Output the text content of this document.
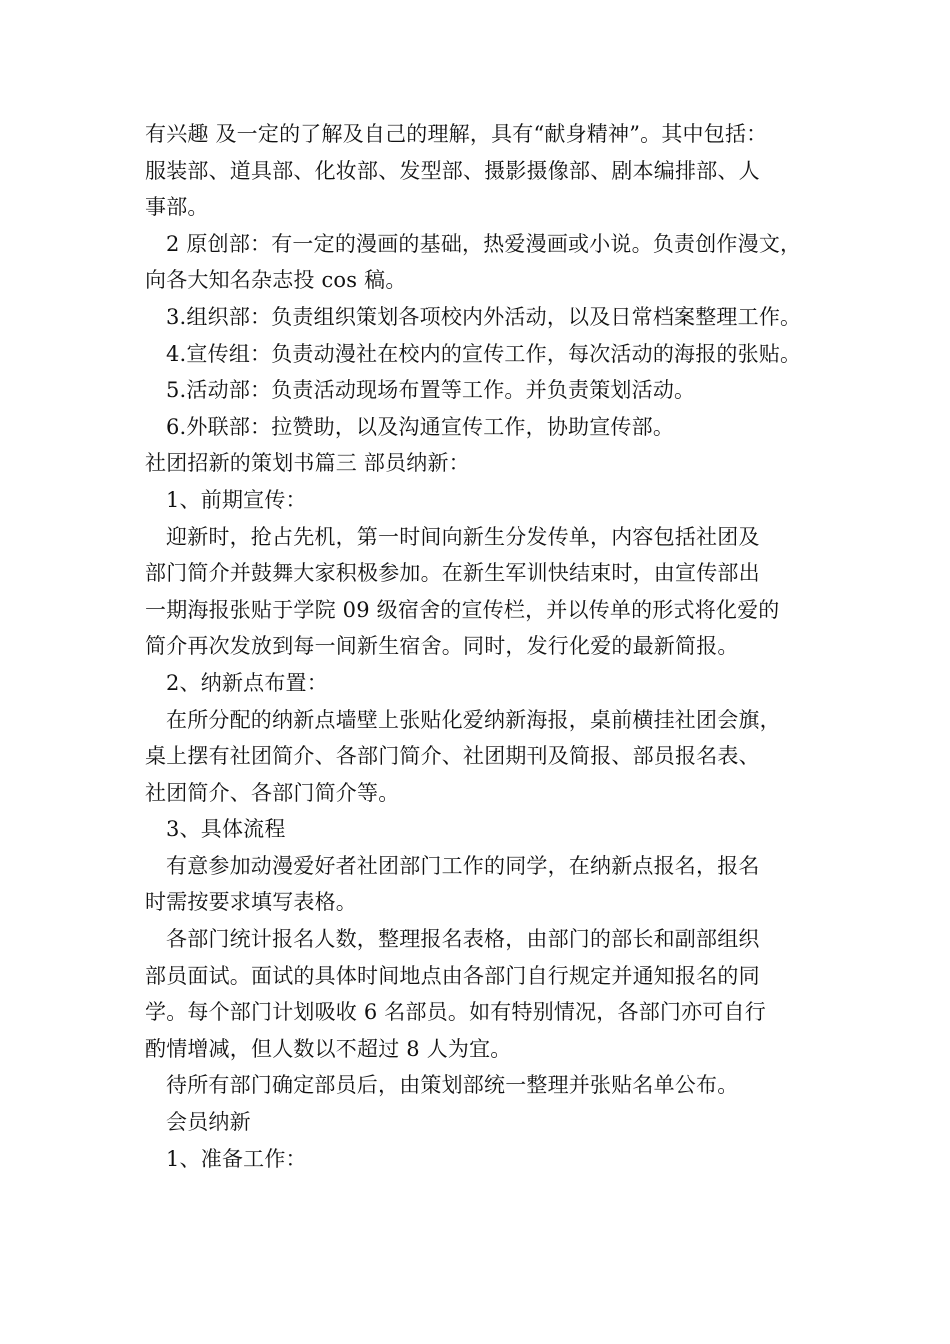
有兴趣 及一定的了解及自己的理解，具有“献身精神”。其中包括：
服装部、道具部、化妆部、发型部、摄影摄像部、剧本编排部、人
事部。
2 原创部：有一定的漫画的基础，热爱漫画或小说。负责创作漫文，
向各大知名杂志投 cos 稿。
3.组织部：负责组织策划各项校内外活动，以及日常档案整理工作。
4.宣传组：负责动漫社在校内的宣传工作，每次活动的海报的张贴。
5.活动部：负责活动现场布置等工作。并负责策划活动。
6.外联部：拉赞助，以及沟通宣传工作，协助宣传部。
社团招新的策划书篇三 部员纳新：
1、前期宣传：
迎新时，抢占先机，第一时间向新生分发传单，内容包括社团及
部门简介并鼓舞大家积极参加。在新生军训快结束时，由宣传部出
一期海报张贴于学院 09 级宿舍的宣传栏，并以传单的形式将化爱的
简介再次发放到每一间新生宿舍。同时，发行化爱的最新简报。
2、纳新点布置：
在所分配的纳新点墙壁上张贴化爱纳新海报，桌前横挂社团会旗，
桌上摆有社团简介、各部门简介、社团期刊及简报、部员报名表、
社团简介、各部门简介等。
3、具体流程
有意参加动漫爱好者社团部门工作的同学，在纳新点报名，报名
时需按要求填写表格。
各部门统计报名人数，整理报名表格，由部门的部长和副部组织
部员面试。面试的具体时间地点由各部门自行规定并通知报名的同
学。每个部门计划吸收 6 名部员。如有特别情况，各部门亦可自行
酌情增减，但人数以不超过 8 人为宜。
待所有部门确定部员后，由策划部统一整理并张贴名单公布。
会员纳新
1、准备工作：
